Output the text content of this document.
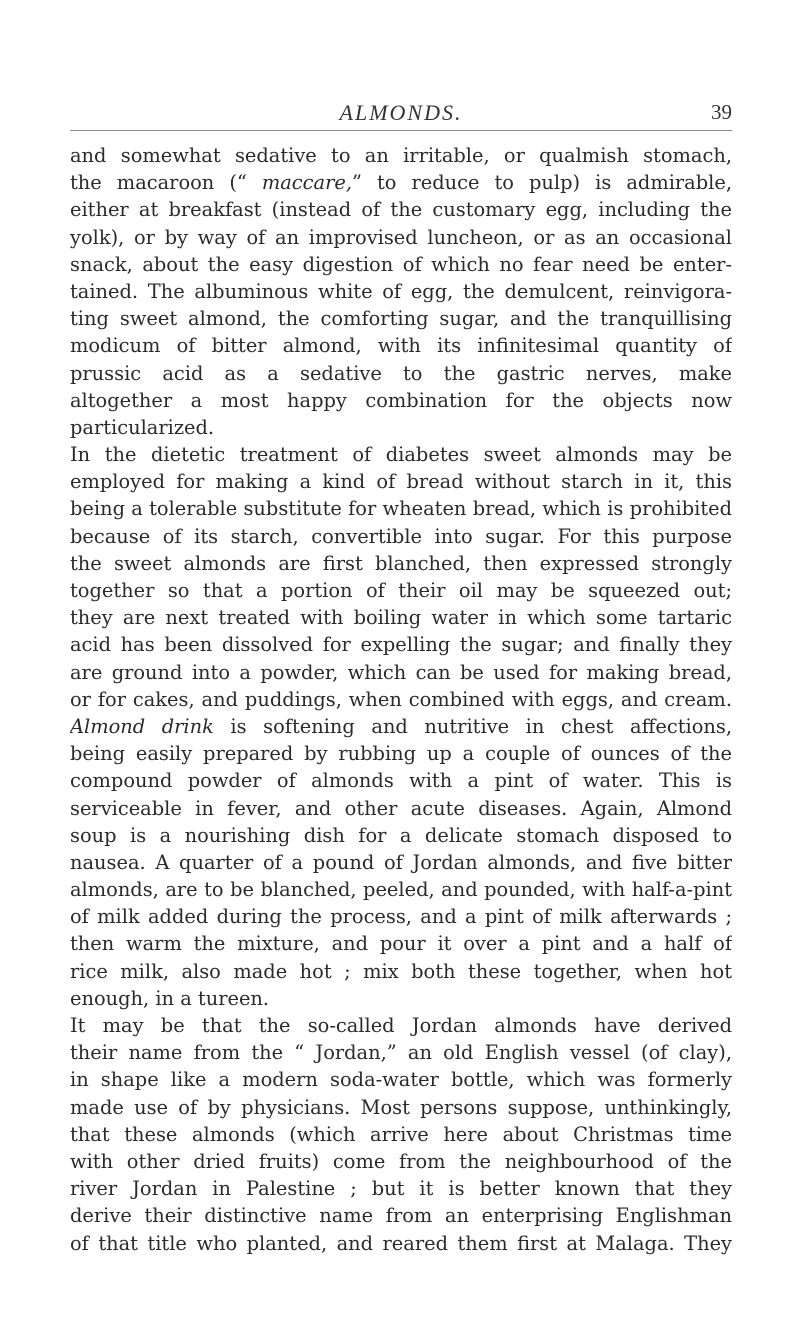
ALMONDS.	39
and somewhat sedative to an irritable, or qualmish stomach,
the macaroon (“ maccare,” to reduce to pulp) is admirable,
either at breakfast (instead of the customary egg, including the
yolk), or by way of an improvised luncheon, or as an occasional
snack, about the easy digestion of which no fear need be enter-
tained. The albuminous white of egg, the demulcent, reinvigora-
ting sweet almond, the comforting sugar, and the tranquillising
modicum of bitter almond, with its infinitesimal quantity of
prussic acid as a sedative to the gastric nerves, make
altogether a most happy combination for the objects now
particularized.
In the dietetic treatment of diabetes sweet almonds may be
employed for making a kind of bread without starch in it, this
being a tolerable substitute for wheaten bread, which is prohibited
because of its starch, convertible into sugar. For this purpose
the sweet almonds are first blanched, then expressed strongly
together so that a portion of their oil may be squeezed out;
they are next treated with boiling water in which some tartaric
acid has been dissolved for expelling the sugar; and finally they
are ground into a powder, which can be used for making bread,
or for cakes, and puddings, when combined with eggs, and cream.
Almond drink is softening and nutritive in chest affections,
being easily prepared by rubbing up a couple of ounces of the
compound powder of almonds with a pint of water. This is
serviceable in fever, and other acute diseases. Again, Almond
soup is a nourishing dish for a delicate stomach disposed to
nausea. A quarter of a pound of Jordan almonds, and five bitter
almonds, are to be blanched, peeled, and pounded, with half-a-pint
of milk added during the process, and a pint of milk afterwards ;
then warm the mixture, and pour it over a pint and a half of
rice milk, also made hot ; mix both these together, when hot
enough, in a tureen.
It may be that the so-called Jordan almonds have derived
their name from the “ Jordan,” an old English vessel (of clay),
in shape like a modern soda-water bottle, which was formerly
made use of by physicians. Most persons suppose, unthinkingly,
that these almonds (which arrive here about Christmas time
with other dried fruits) come from the neighbourhood of the
river Jordan in Palestine ; but it is better known that they
derive their distinctive name from an enterprising Englishman
of that title who planted, and reared them first at Malaga. They
